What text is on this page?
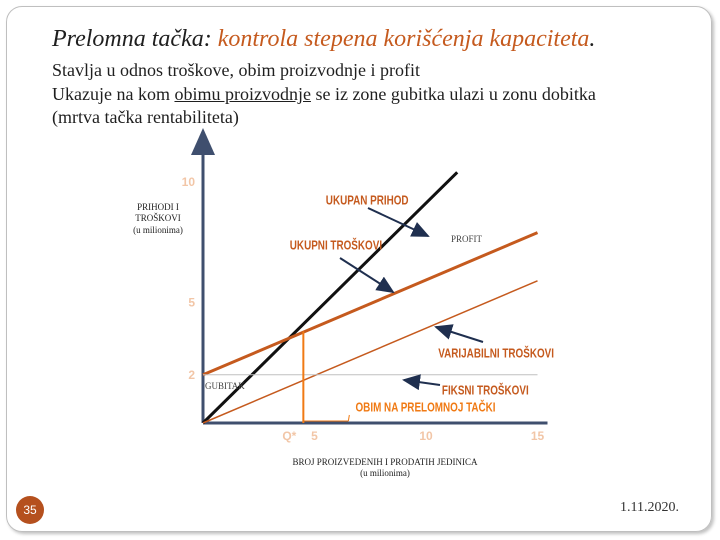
Prelomna tačka: kontrola stepena korišćenja kapaciteta.
Stavlja u odnos troškove, obim proizvodnje i profit
Ukazuje na kom obimu proizvodnje se iz zone gubitka ulazi u zonu dobitka
(mrtva tačka rentabiliteta)
5	10	15
2
5
10
Q*
UKUPAN PRIHOD
UKUPNI TROŠKOVI
PROFIT
VARIJABILNI TROŠKOVI
FIKSNI TROŠKOVI
OBIM NA PRELOMNOJ TAČKI
GUBITAK
PRIHODI I
TROŠKOVI
(u milionima)
BROJ PROIZVEDENIH I PRODATIH JEDINICA
(u milionima)
35	1.11.2020.
